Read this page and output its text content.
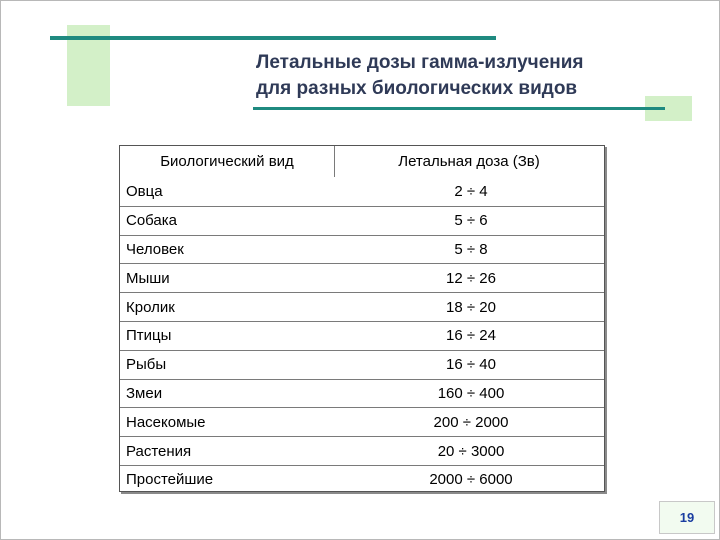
Летальные дозы гамма-излучения
для разных биологических видов
Биологический вид	Летальная доза (Зв)
Овца	2 ÷ 4
Собака	5 ÷ 6
Человек	5 ÷ 8
Мыши	12 ÷ 26
Кролик	18 ÷ 20
Птицы	16 ÷ 24
Рыбы	16 ÷ 40
Змеи	160 ÷ 400
Насекомые	200 ÷ 2000
Растения	20 ÷ 3000
Простейшие	2000 ÷ 6000
19
